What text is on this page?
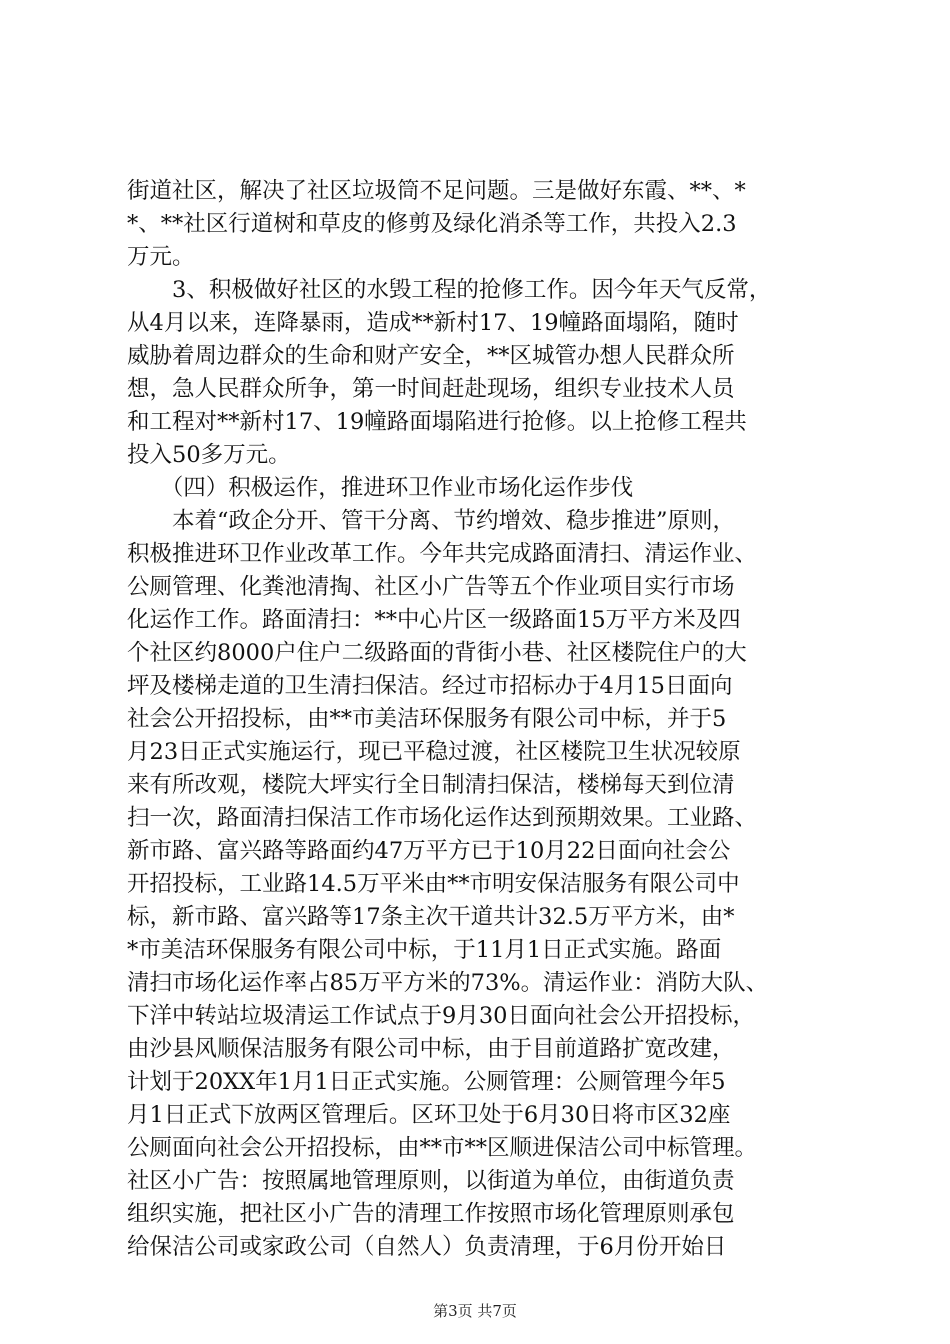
街道社区，解决了社区垃圾筒不足问题。三是做好东霞、**、*
*、**社区行道树和草皮的修剪及绿化消杀等工作，共投入2.3
万元。
　　3、积极做好社区的水毁工程的抢修工作。因今年天气反常，
从4月以来，连降暴雨，造成**新村17、19幢路面塌陷，随时
威胁着周边群众的生命和财产安全，**区城管办想人民群众所
想，急人民群众所争，第一时间赶赴现场，组织专业技术人员
和工程对**新村17、19幢路面塌陷进行抢修。以上抢修工程共
投入50多万元。
　　（四）积极运作，推进环卫作业市场化运作步伐
　　本着“政企分开、管干分离、节约增效、稳步推进”原则，
积极推进环卫作业改革工作。今年共完成路面清扫、清运作业、
公厕管理、化粪池清掏、社区小广告等五个作业项目实行市场
化运作工作。路面清扫：**中心片区一级路面15万平方米及四
个社区约8000户住户二级路面的背街小巷、社区楼院住户的大
坪及楼梯走道的卫生清扫保洁。经过市招标办于4月15日面向
社会公开招投标，由**市美洁环保服务有限公司中标，并于5
月23日正式实施运行，现已平稳过渡，社区楼院卫生状况较原
来有所改观，楼院大坪实行全日制清扫保洁，楼梯每天到位清
扫一次，路面清扫保洁工作市场化运作达到预期效果。工业路、
新市路、富兴路等路面约47万平方已于10月22日面向社会公
开招投标，工业路14.5万平米由**市明安保洁服务有限公司中
标，新市路、富兴路等17条主次干道共计32.5万平方米，由*
*市美洁环保服务有限公司中标，于11月1日正式实施。路面
清扫市场化运作率占85万平方米的73%。清运作业：消防大队、
下洋中转站垃圾清运工作试点于9月30日面向社会公开招投标，
由沙县风顺保洁服务有限公司中标，由于目前道路扩宽改建，
计划于20XX年1月1日正式实施。公厕管理：公厕管理今年5
月1日正式下放两区管理后。区环卫处于6月30日将市区32座
公厕面向社会公开招投标，由**市**区顺进保洁公司中标管理。
社区小广告：按照属地管理原则，以街道为单位，由街道负责
组织实施，把社区小广告的清理工作按照市场化管理原则承包
给保洁公司或家政公司（自然人）负责清理，于6月份开始日
第3页 共7页
